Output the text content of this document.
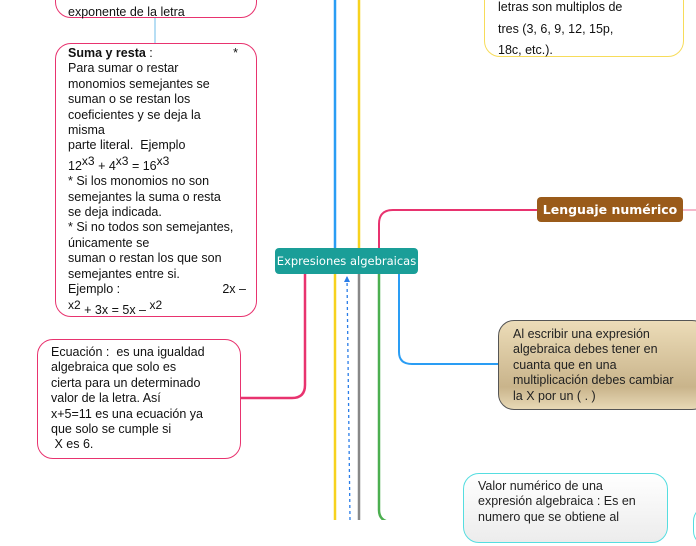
exponente de la letra
Suma y resta :	*
Para sumar o restar
monomios semejantes se
suman o se restan los
coeficientes y se deja la
misma
parte literal.  Ejemplo
$12^{x3} + 4^{x3} = 16^{x3}$
* Si los monomios no son
semejantes la suma o resta
se deja indicada.
* Si no todos son semejantes,
únicamente se
suman o restan los que son
semejantes entre si.
Ejemplo :	2x –
$^{x2}$ + 3x = 5x – $^{x2}$
Ecuación :  es una igualdad
algebraica que solo es
cierta para un determinado
valor de la letra. Así
x+5=11 es una ecuación ya
que solo se cumple si
X es 6.
letras son multiplos de
tres (3, 6, 9, 12, 15p,
18c, etc.).
Expresiones algebraicas
Lenguaje numérico
Al escribir una expresión
algebraica debes tener en
cuanta que en una
multiplicación debes cambiar
la X por un ( . )
Valor numérico de una
expresión algebraica : Es en
numero que se obtiene al
